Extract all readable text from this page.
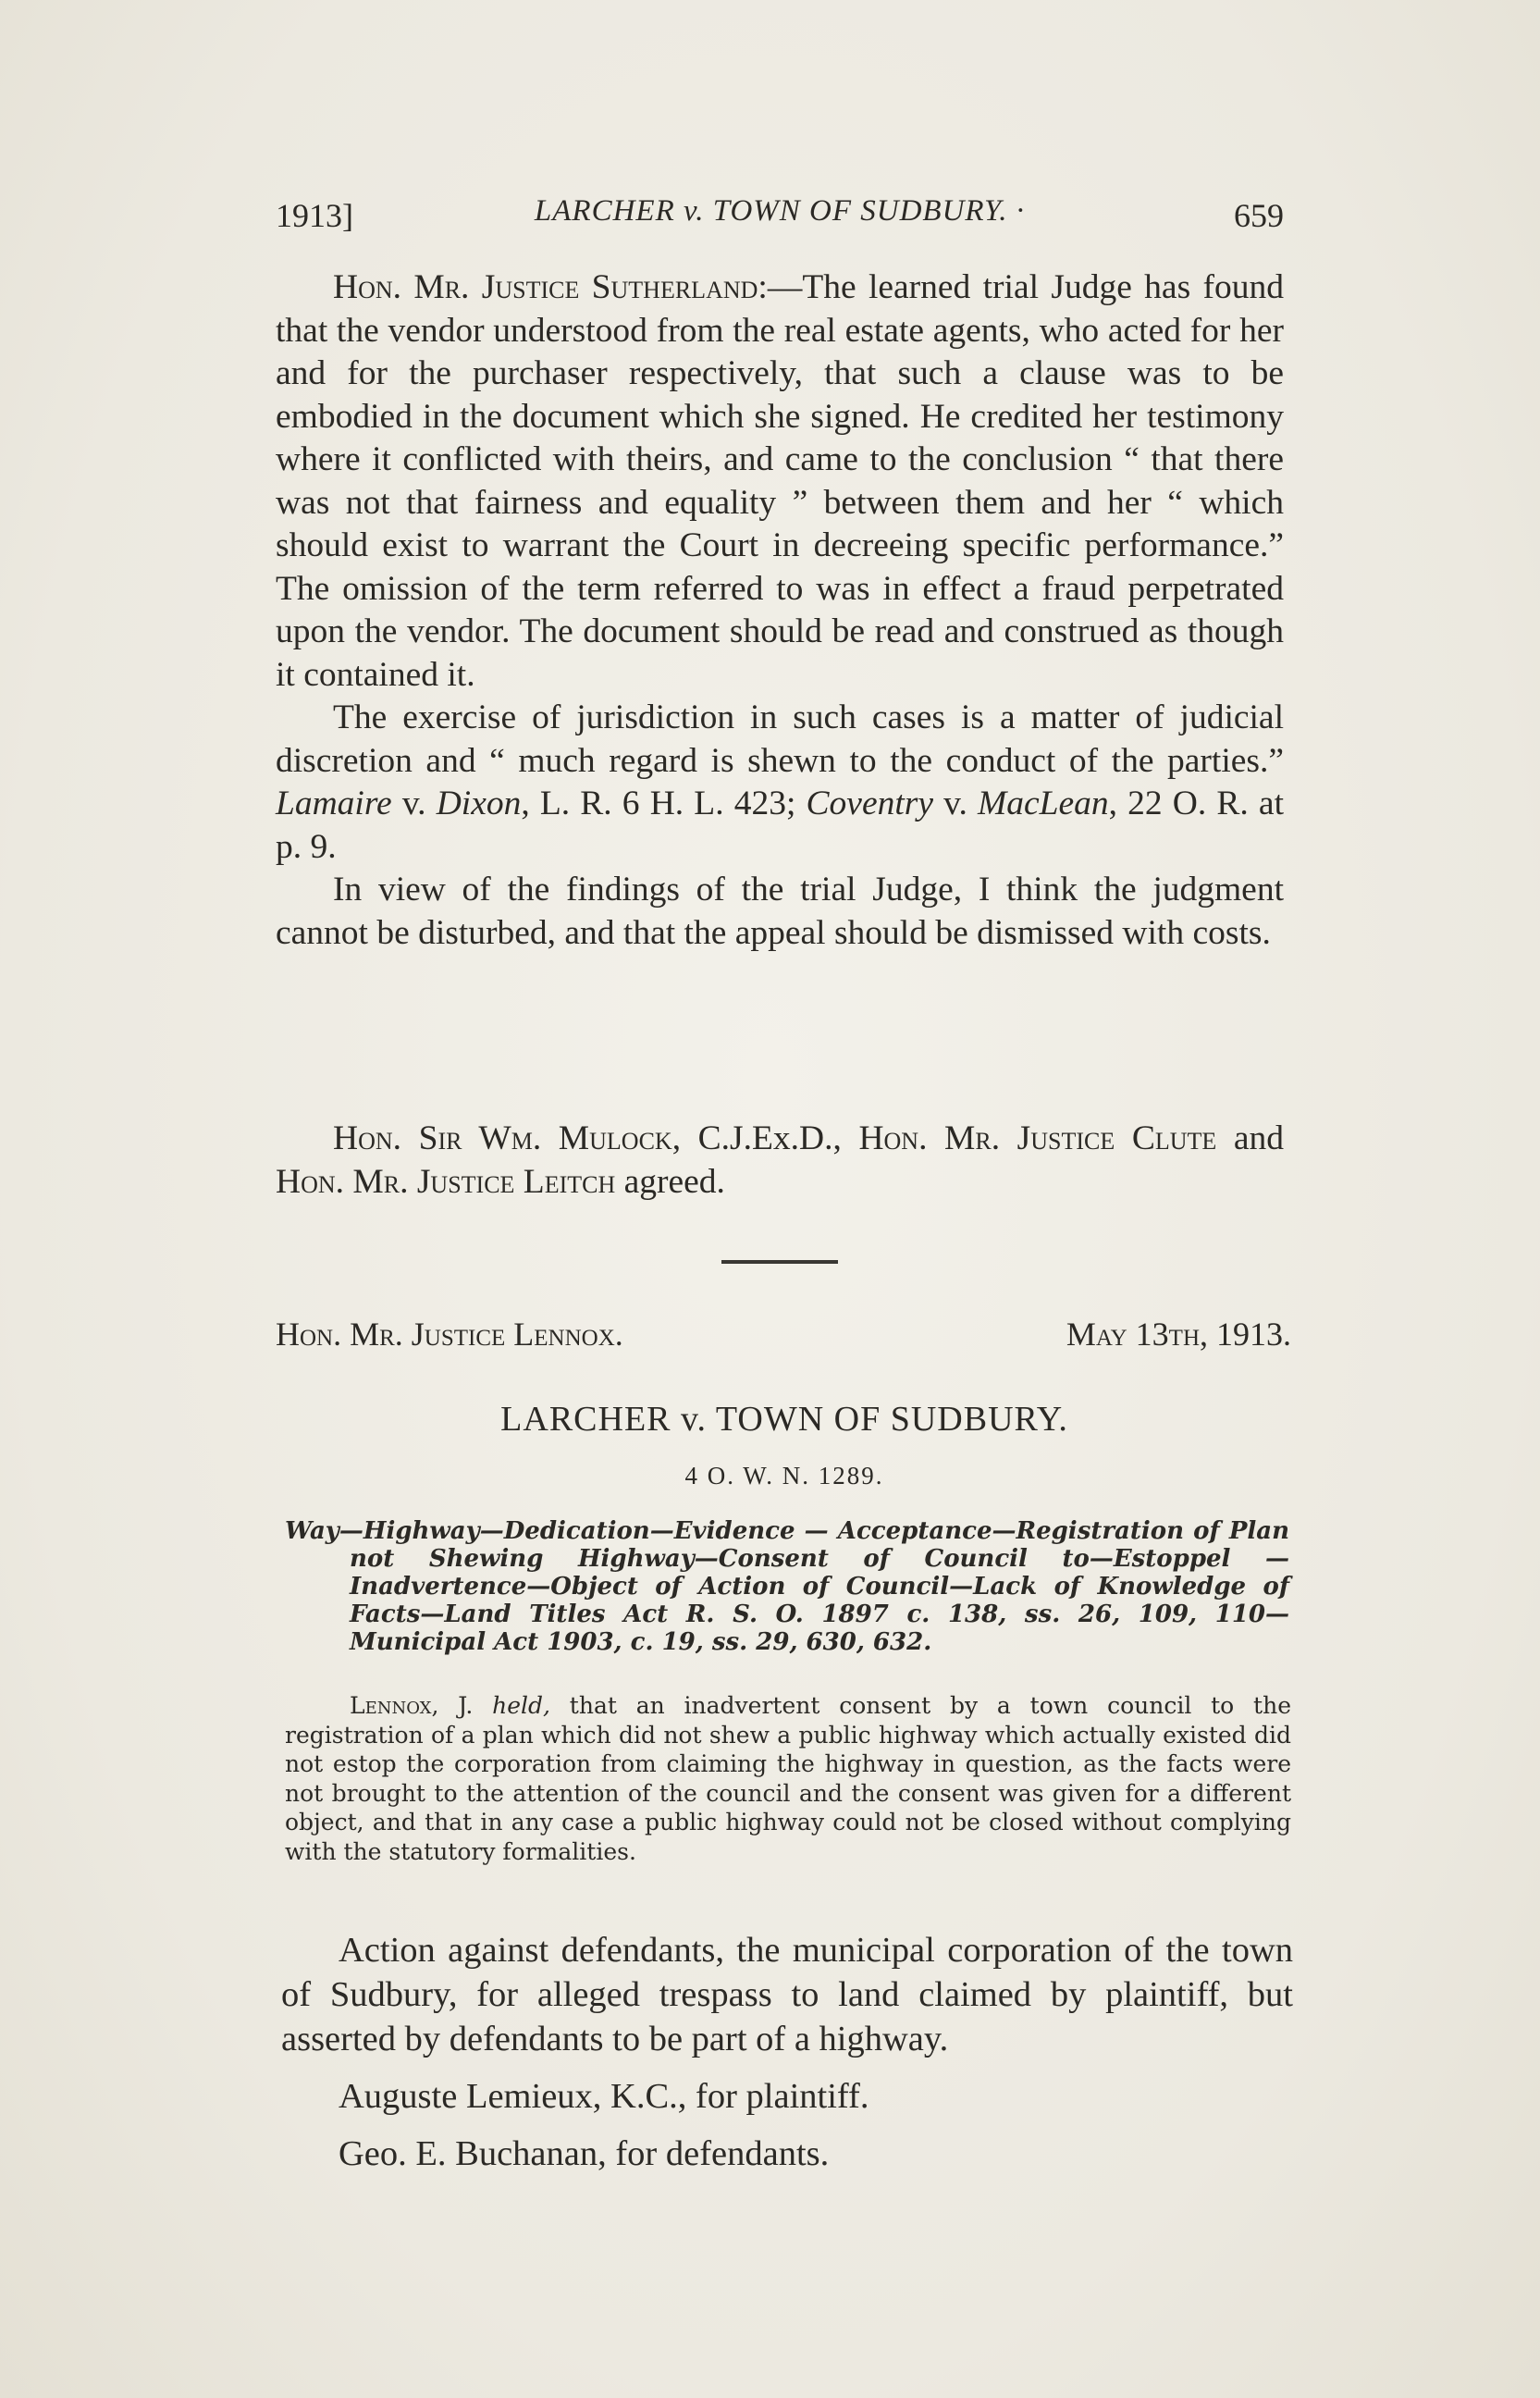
1913]	LARCHER v. TOWN OF SUDBURY. ·	659

Hon. Mr. Justice Sutherland:—The learned trial Judge has found that the vendor understood from the real estate agents, who acted for her and for the purchaser respectively, that such a clause was to be embodied in the document which she signed. He credited her testimony where it conflicted with theirs, and came to the conclusion “ that there was not that fairness and equality ” between them and her “ which should exist to warrant the Court in decreeing specific performance.” The omission of the term referred to was in effect a fraud perpetrated upon the vendor. The document should be read and construed as though it contained it.

The exercise of jurisdiction in such cases is a matter of judicial discretion and “ much regard is shewn to the conduct of the parties.” Lamaire v. Dixon, L. R. 6 H. L. 423; Coventry v. MacLean, 22 O. R. at p. 9.

In view of the findings of the trial Judge, I think the judgment cannot be disturbed, and that the appeal should be dismissed with costs.

Hon. Sir Wm. Mulock, C.J.Ex.D., Hon. Mr. Justice Clute and Hon. Mr. Justice Leitch agreed.

Hon. Mr. Justice Lennox.	May 13th, 1913.
LARCHER v. TOWN OF SUDBURY.
4 O. W. N. 1289.
Way—Highway—Dedication—Evidence — Acceptance—Registration of Plan not Shewing Highway—Consent of Council to—Estoppel —Inadvertence—Object of Action of Council—Lack of Knowledge of Facts—Land Titles Act R. S. O. 1897 c. 138, ss. 26, 109, 110—Municipal Act 1903, c. 19, ss. 29, 630, 632.

Lennox, J. held, that an inadvertent consent by a town council to the registration of a plan which did not shew a public highway which actually existed did not estop the corporation from claiming the highway in question, as the facts were not brought to the attention of the council and the consent was given for a different object, and that in any case a public highway could not be closed without complying with the statutory formalities.

Action against defendants, the municipal corporation of the town of Sudbury, for alleged trespass to land claimed by plaintiff, but asserted by defendants to be part of a highway.

Auguste Lemieux, K.C., for plaintiff.

Geo. E. Buchanan, for defendants.
